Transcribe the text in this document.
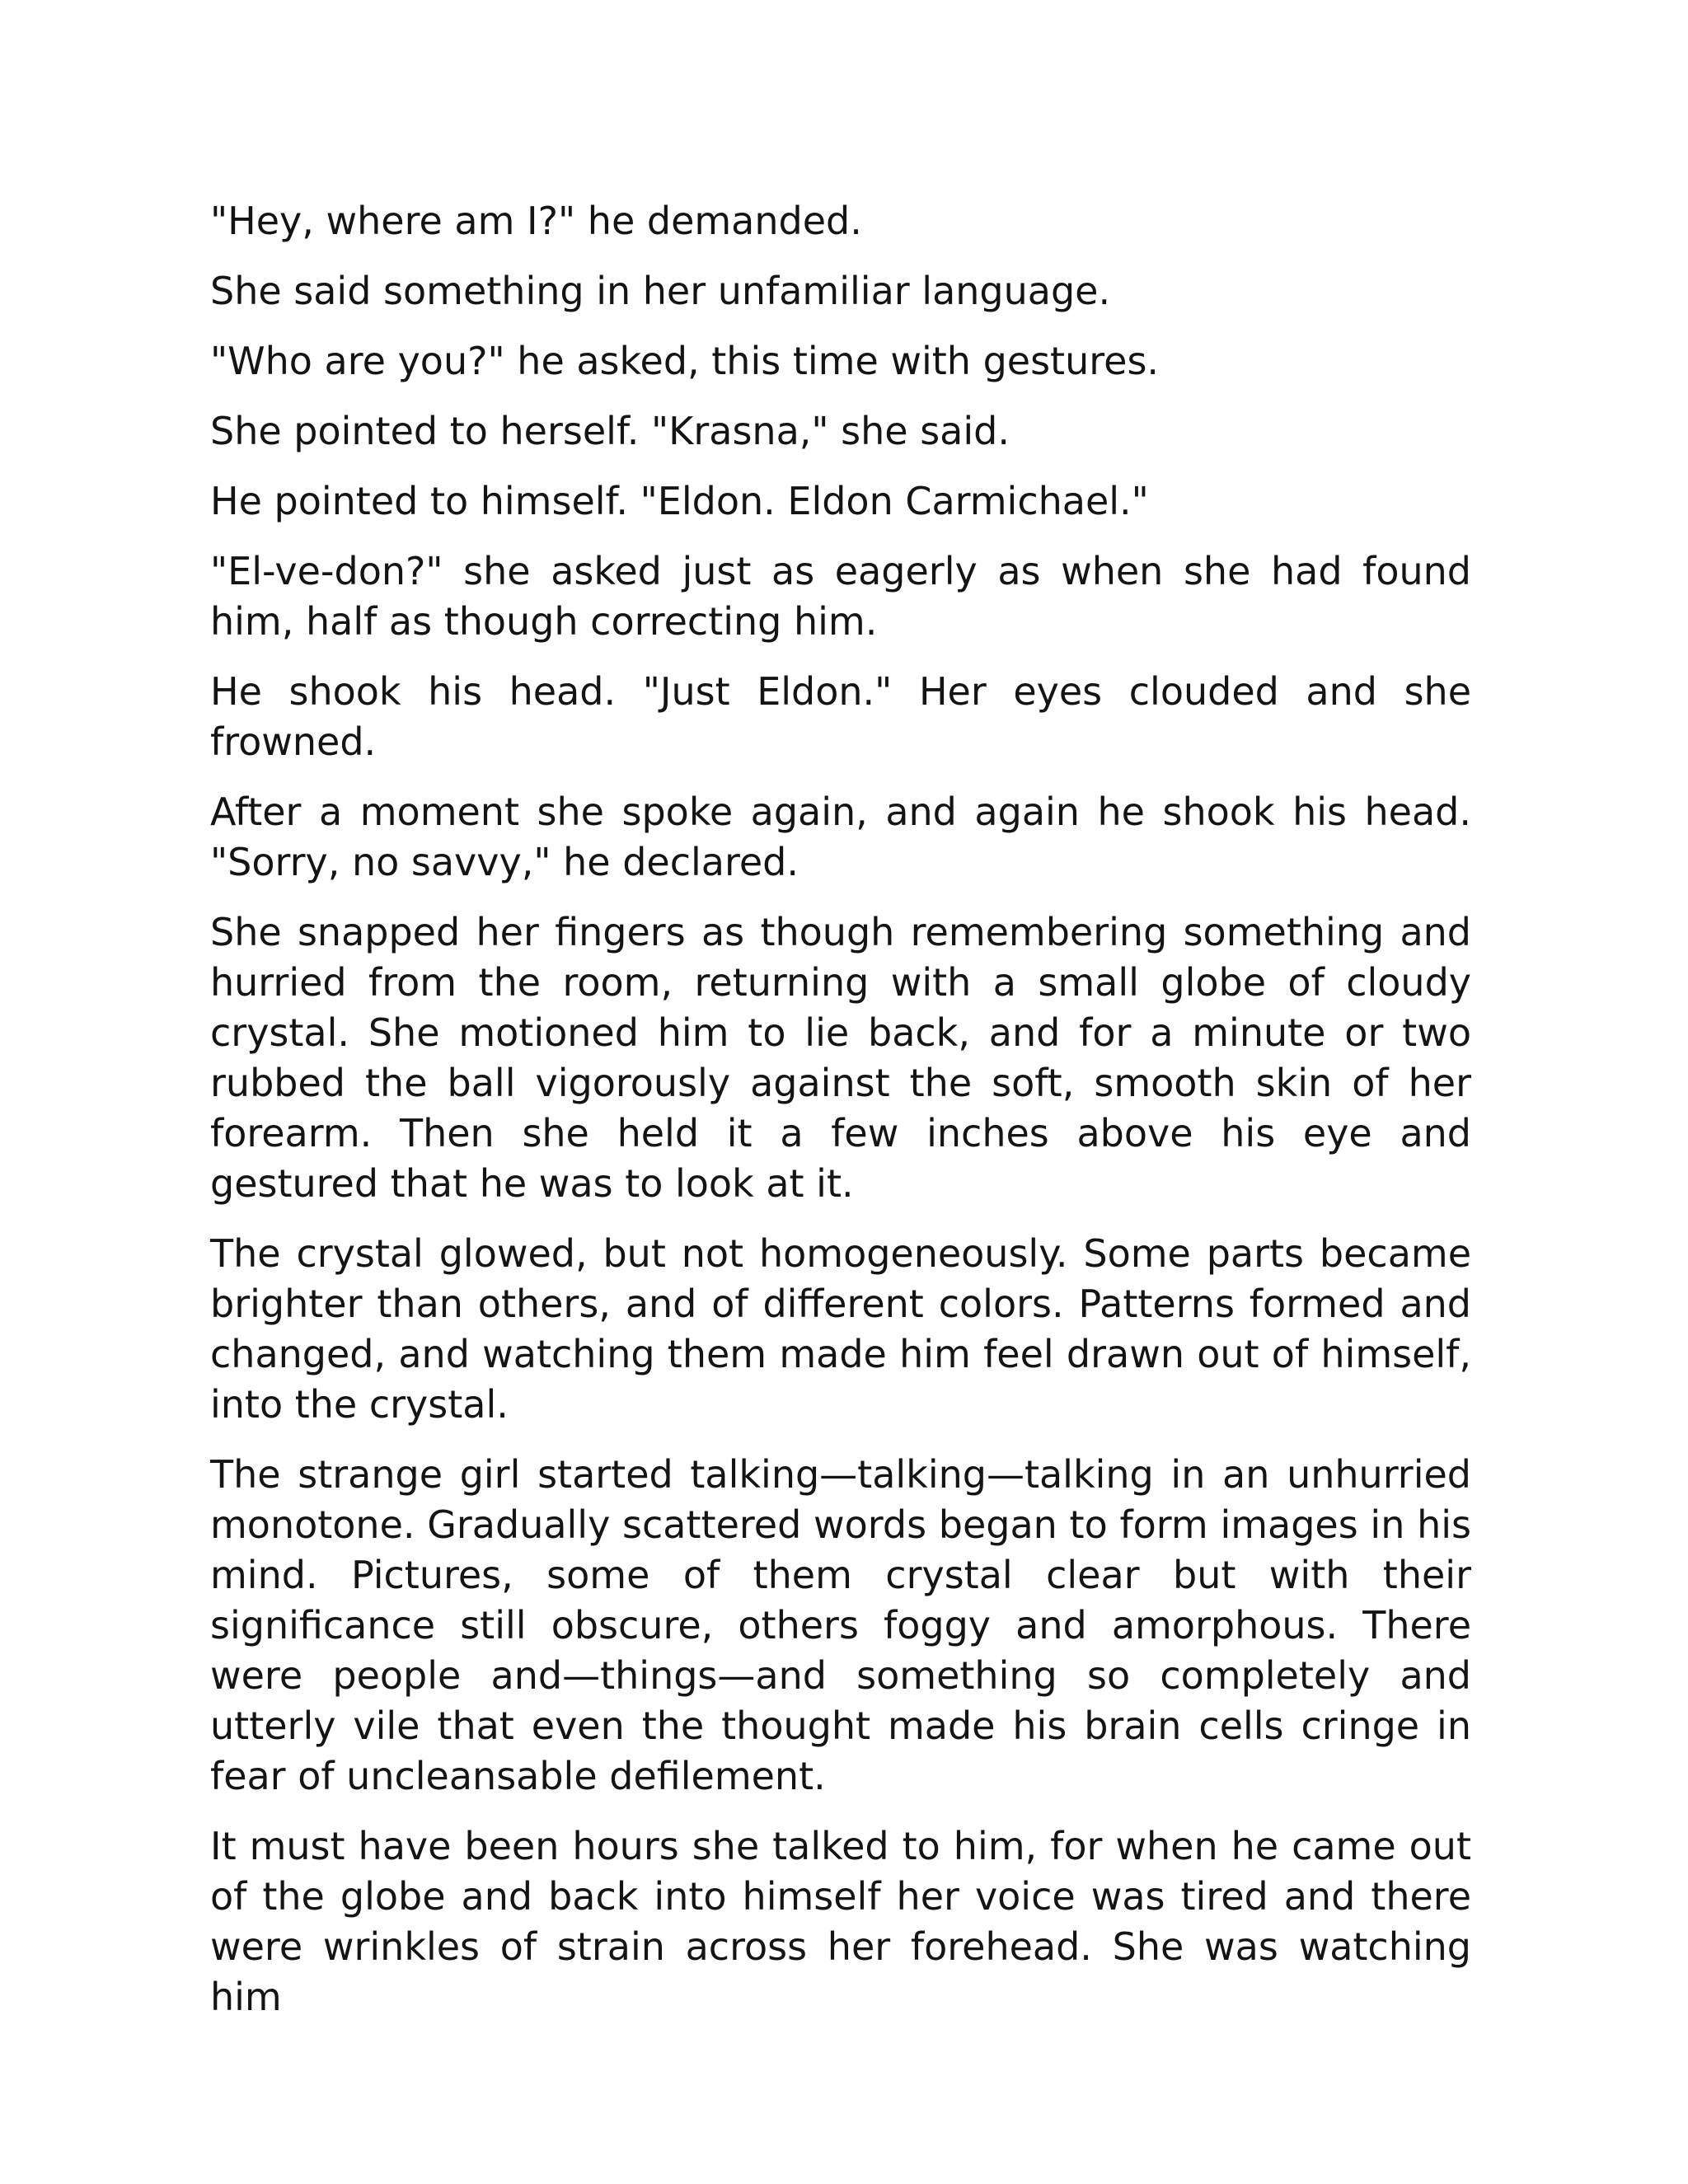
"Hey, where am I?" he demanded.

She said something in her unfamiliar language.

"Who are you?" he asked, this time with gestures.

She pointed to herself. "Krasna," she said.

He pointed to himself. "Eldon. Eldon Carmichael."

"El-ve-don?" she asked just as eagerly as when she had found him, half as though correcting him.

He shook his head. "Just Eldon." Her eyes clouded and she frowned.

After a moment she spoke again, and again he shook his head. "Sorry, no savvy," he declared.

She snapped her fingers as though remembering something and hurried from the room, returning with a small globe of cloudy crystal. She motioned him to lie back, and for a minute or two rubbed the ball vigorously against the soft, smooth skin of her forearm. Then she held it a few inches above his eye and gestured that he was to look at it.

The crystal glowed, but not homogeneously. Some parts became brighter than others, and of different colors. Patterns formed and changed, and watching them made him feel drawn out of himself, into the crystal.

The strange girl started talking—talking—talking in an unhurried monotone. Gradually scattered words began to form images in his mind. Pictures, some of them crystal clear but with their significance still obscure, others foggy and amorphous. There were people and—things—and something so completely and utterly vile that even the thought made his brain cells cringe in fear of uncleansable defilement.

It must have been hours she talked to him, for when he came out of the globe and back into himself her voice was tired and there were wrinkles of strain across her forehead. She was watching him
